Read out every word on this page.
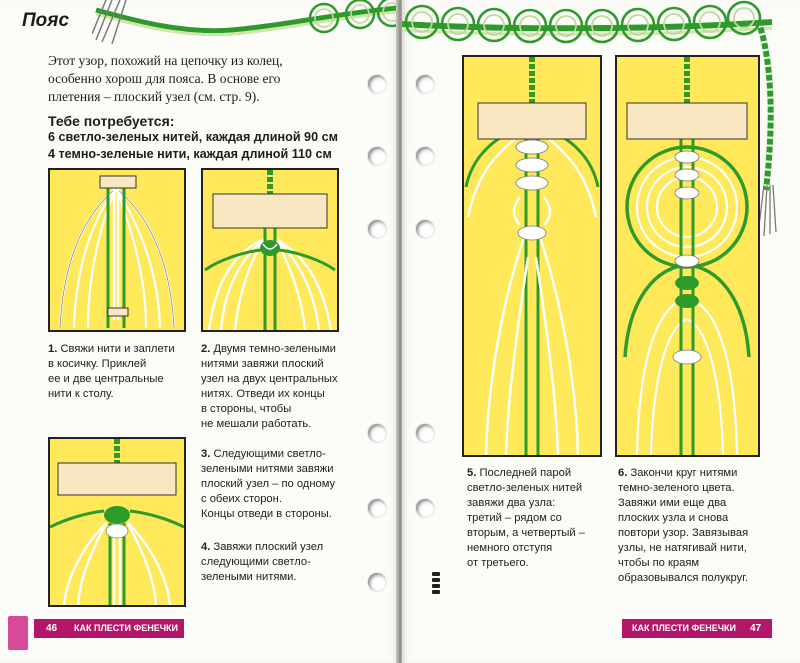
Пояс
Этот узор, похожий на цепочку из колец,
особенно хорош для пояса. В основе его
плетения – плоский узел (см. стр. 9).
Тебе потребуется:
6 светло-зеленых нитей, каждая длиной 90 см
4 темно-зеленые нити, каждая длиной 110 см
1. Свяжи нити и заплети
в косичку. Приклей
ее и две центральные
нити к столу.
2. Двумя темно-зелеными
нитями завяжи плоский
узел на двух центральных
нитях. Отведи их концы
в стороны, чтобы
не мешали работать.
3. Следующими светло-
зелеными нитями завяжи
плоский узел – по одному
с обеих сторон.
Концы отведи в стороны.
4. Завяжи плоский узел
следующими светло-
зелеными нитями.
46 КАК ПЛЕСТИ ФЕНЕЧКИ
5. Последней парой
светло-зеленых нитей
завяжи два узла:
третий – рядом со
вторым, а четвертый –
немного отступя
от третьего.
6. Закончи круг нитями
темно-зеленого цвета.
Завяжи ими еще два
плоских узла и снова
повтори узор. Завязывая
узлы, не натягивай нити,
чтобы по краям
образовывался полукруг.
КАК ПЛЕСТИ ФЕНЕЧКИ 47
